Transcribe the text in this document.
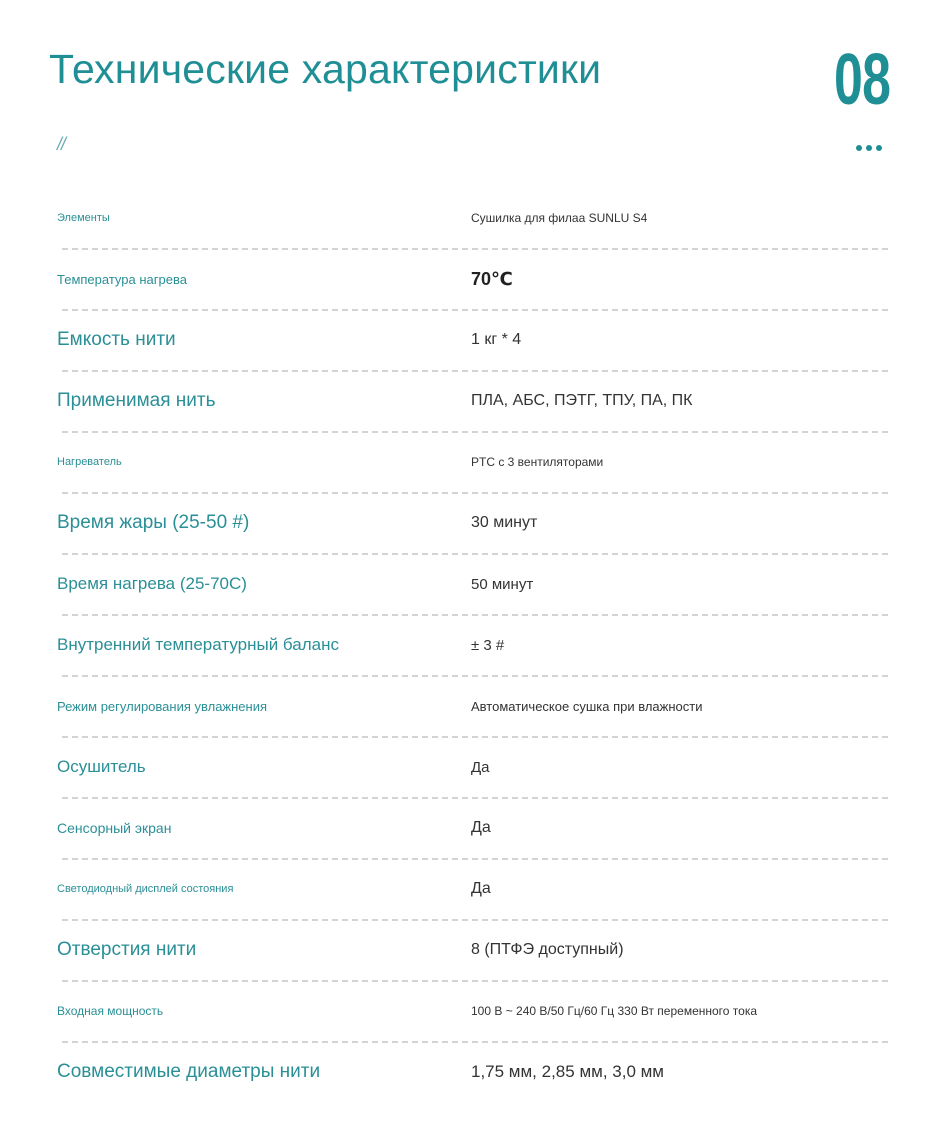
Технические характеристики	08
//
Элементы	Сушилка для филаа SUNLU S4
Температура нагрева	70℃
Емкость нити	1 кг * 4
Применимая нить	ПЛА, АБС, ПЭТГ, ТПУ, ПА, ПК
Нагреватель	PTC с 3 вентиляторами
Время жары (25-50 #)	30 минут
Время нагрева (25-70C)	50 минут
Внутренний температурный баланс	± 3 #
Режим регулирования увлажнения	Автоматическое сушка при влажности
Осушитель	Да
Сенсорный экран	Да
Светодиодный дисплей состояния	Да
Отверстия нити	8 (ПТФЭ доступный)
Входная мощность	100 В ~ 240 В/50 Гц/60 Гц 330 Вт переменного тока
Совместимые диаметры нити	1,75 мм, 2,85 мм, 3,0 мм
